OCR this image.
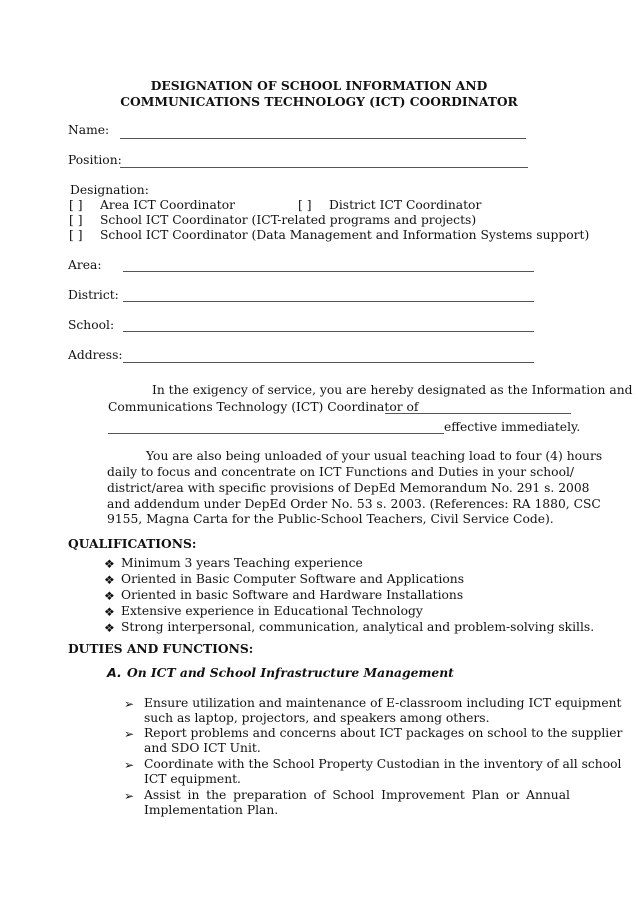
DESIGNATION OF SCHOOL INFORMATION AND
COMMUNICATIONS TECHNOLOGY (ICT) COORDINATOR
Name:
Position:
Designation:
[ ] Area ICT Coordinator	[ ] District ICT Coordinator
[ ] School ICT Coordinator (ICT-related programs and projects)
[ ] School ICT Coordinator (Data Management and Information Systems support)
Area:
District:
School:
Address:
In the exigency of service, you are hereby designated as the Information and
Communications Technology (ICT) Coordinator of
effective immediately.
You are also being unloaded of your usual teaching load to four (4) hours
daily to focus and concentrate on ICT Functions and Duties in your school/
district/area with specific provisions of DepEd Memorandum No. 291 s. 2008
and addendum under DepEd Order No. 53 s. 2003. (References: RA 1880, CSC
9155, Magna Carta for the Public-School Teachers, Civil Service Code).
QUALIFICATIONS:
❖ Minimum 3 years Teaching experience
❖ Oriented in Basic Computer Software and Applications
❖ Oriented in basic Software and Hardware Installations
❖ Extensive experience in Educational Technology
❖ Strong interpersonal, communication, analytical and problem-solving skills.
DUTIES AND FUNCTIONS:
A. On ICT and School Infrastructure Management
➢ Ensure utilization and maintenance of E-classroom including ICT equipment
such as laptop, projectors, and speakers among others.
➢ Report problems and concerns about ICT packages on school to the supplier
and SDO ICT Unit.
➢ Coordinate with the School Property Custodian in the inventory of all school
ICT equipment.
➢ Assist in the preparation of School Improvement Plan or Annual
Implementation Plan.
